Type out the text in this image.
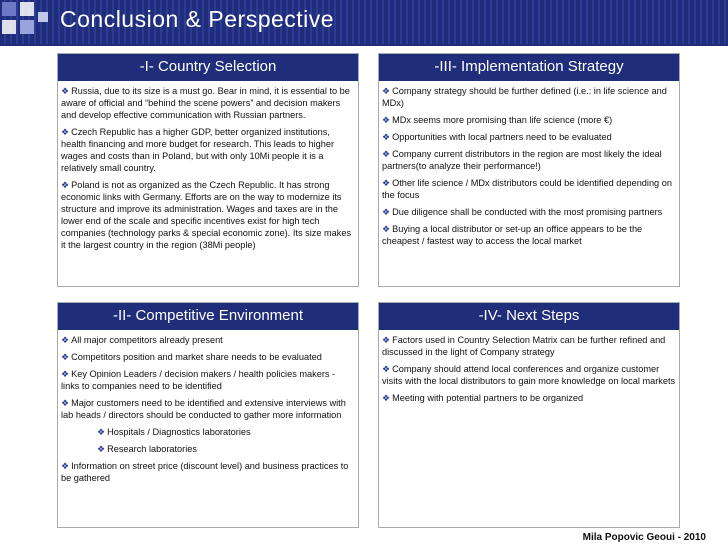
Conclusion & Perspective
-I- Country Selection

❖ Russia, due to its size is a must go. Bear in mind, it is essential to be aware of official and “behind the scene powers” and decision makers and develop effective communication with Russian partners.

❖ Czech Republic has a higher GDP, better organized institutions, health financing and more budget for research. This leads to higher wages and costs than in Poland, but with only 10Mi people it is a relatively small country.

❖ Poland is not as organized as the Czech Republic. It has strong economic links with Germany. Efforts are on the way to modernize its structure and improve its administration. Wages and taxes are in the lower end of the scale and specific incentives exist for high tech companies (technology parks & special economic zone). Its size makes it the largest country in the region (38Mi people)

-III- Implementation Strategy

❖ Company strategy should be further defined (i.e.: in life science and MDx)

❖ MDx seems more promising than life science (more €)

❖ Opportunities with local partners need to be evaluated

❖ Company current distributors in the region are most likely the ideal partners(to analyze their performance!)

❖ Other life science / MDx distributors could be identified depending on the focus

❖ Due diligence shall be conducted with the most promising partners

❖ Buying a local distributor or set-up an office appears to be the cheapest / fastest way to access the local market

-II- Competitive Environment

❖ All major competitors already present

❖ Competitors position and market share needs to be evaluated

❖ Key Opinion Leaders / decision makers / health policies makers - links to companies need to be identified

❖ Major customers need to be identified and extensive interviews with lab heads / directors should be conducted to gather more information

❖ Hospitals / Diagnostics laboratories

❖ Research laboratories

❖ Information on street price (discount level) and business practices to be gathered

-IV- Next Steps

❖ Factors used in Country Selection Matrix can be further refined and discussed in the light of Company strategy

❖ Company should attend local conferences and organize customer visits with the local distributors to gain more knowledge on local markets

❖ Meeting with potential partners to be organized

Mila Popovic Geoui - 2010
